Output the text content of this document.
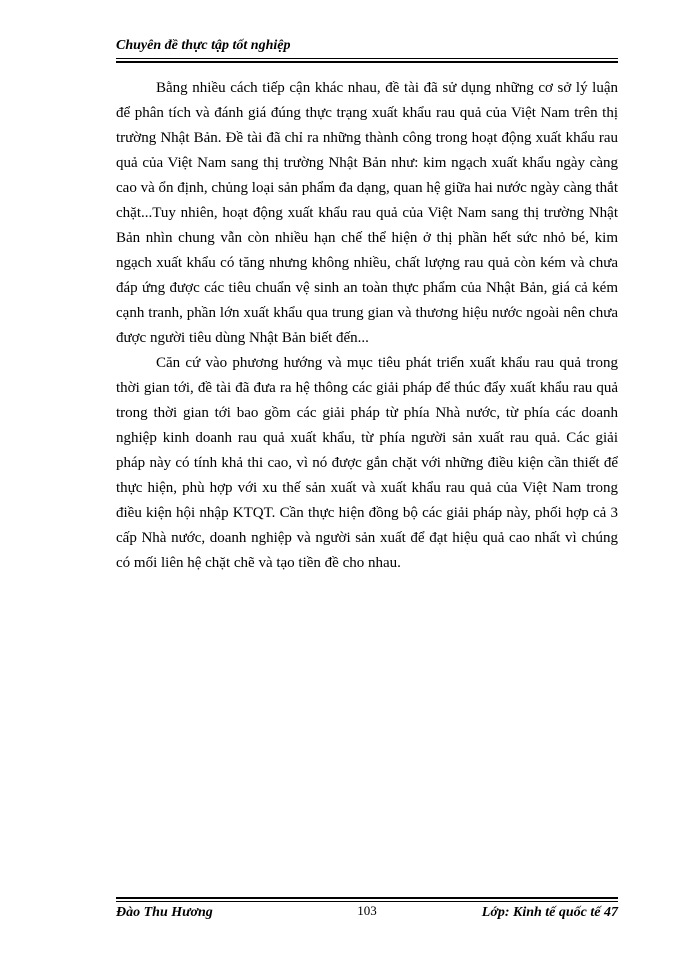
Chuyên đề thực tập tốt nghiệp

Bằng nhiều cách tiếp cận khác nhau, đề tài đã sử dụng những cơ sở lý luận để phân tích và đánh giá đúng thực trạng xuất khẩu rau quả của Việt Nam trên thị trường Nhật Bản. Đề tài đã chỉ ra những thành công trong hoạt động xuất khẩu rau quả của Việt Nam sang thị trường Nhật Bản như: kim ngạch xuất khẩu ngày càng cao và ổn định, chủng loại sản phẩm đa dạng, quan hệ giữa hai nước ngày càng thắt chặt...Tuy nhiên, hoạt động xuất khẩu rau quả của Việt Nam sang thị trường Nhật Bản nhìn chung vẫn còn nhiều hạn chế thể hiện ở thị phần hết sức nhỏ bé, kim ngạch xuất khẩu có tăng nhưng không nhiều, chất lượng rau quả còn kém và chưa đáp ứng được các tiêu chuẩn vệ sinh an toàn thực phẩm của Nhật Bản, giá cả kém cạnh tranh, phần lớn xuất khẩu qua trung gian và thương hiệu nước ngoài nên chưa được người tiêu dùng Nhật Bản biết đến...

Căn cứ vào phương hướng và mục tiêu phát triển xuất khẩu rau quả trong thời gian tới, đề tài đã đưa ra hệ thông các giải pháp để thúc đẩy xuất khẩu rau quả trong thời gian tới bao gồm các giải pháp từ phía Nhà nước, từ phía các doanh nghiệp kinh doanh rau quả xuất khẩu, từ phía người sản xuất rau quả. Các giải pháp này có tính khả thi cao, vì nó được gắn chặt với những điều kiện cần thiết để thực hiện, phù hợp với xu thế sản xuất và xuất khẩu rau quả của Việt Nam trong điều kiện hội nhập KTQT. Cần thực hiện đồng bộ các giải pháp này, phối hợp cả 3 cấp Nhà nước, doanh nghiệp và người sản xuất để đạt hiệu quả cao nhất vì chúng có mối liên hệ chặt chẽ và tạo tiền đề cho nhau.

Đào Thu Hương	103	Lớp: Kinh tế quốc tế 47
